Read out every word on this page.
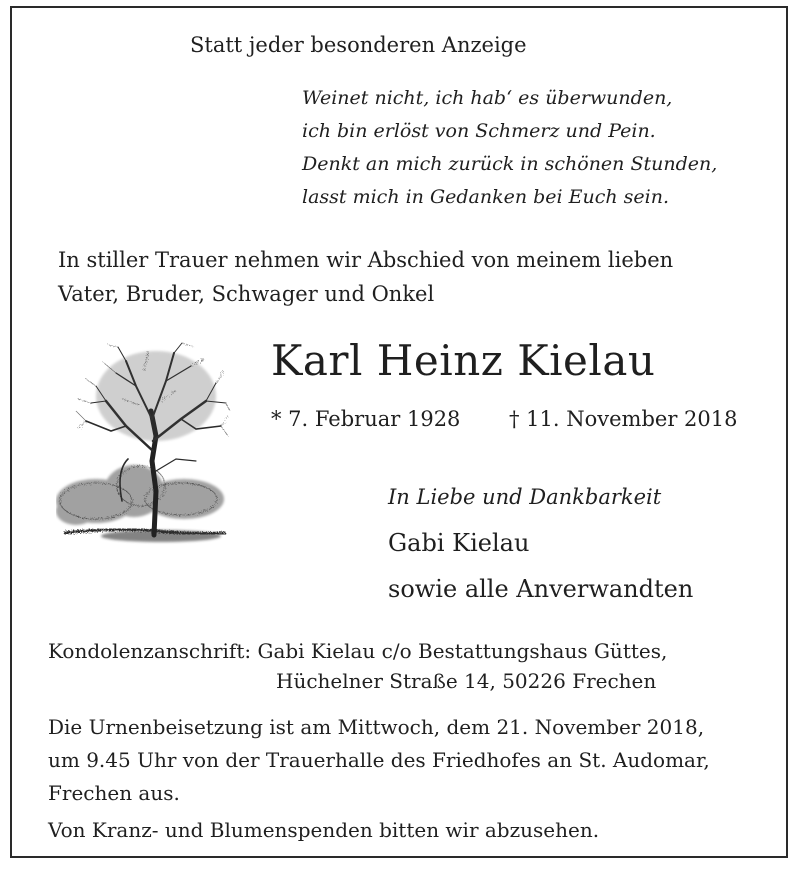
Statt jeder besonderen Anzeige
Weinet nicht, ich hab‘ es überwunden,
ich bin erlöst von Schmerz und Pein.
Denkt an mich zurück in schönen Stunden,
lasst mich in Gedanken bei Euch sein.
In stiller Trauer nehmen wir Abschied von meinem lieben
Vater, Bruder, Schwager und Onkel
Karl Heinz Kielau
* 7. Februar 1928 † 11. November 2018
In Liebe und Dankbarkeit
Gabi Kielau
sowie alle Anverwandten
Kondolenzanschrift: Gabi Kielau c/o Bestattungshaus Güttes,
Hüchelner Straße 14, 50226 Frechen
Die Urnenbeisetzung ist am Mittwoch, dem 21. November 2018,
um 9.45 Uhr von der Trauerhalle des Friedhofes an St. Audomar,
Frechen aus.
Von Kranz- und Blumenspenden bitten wir abzusehen.
